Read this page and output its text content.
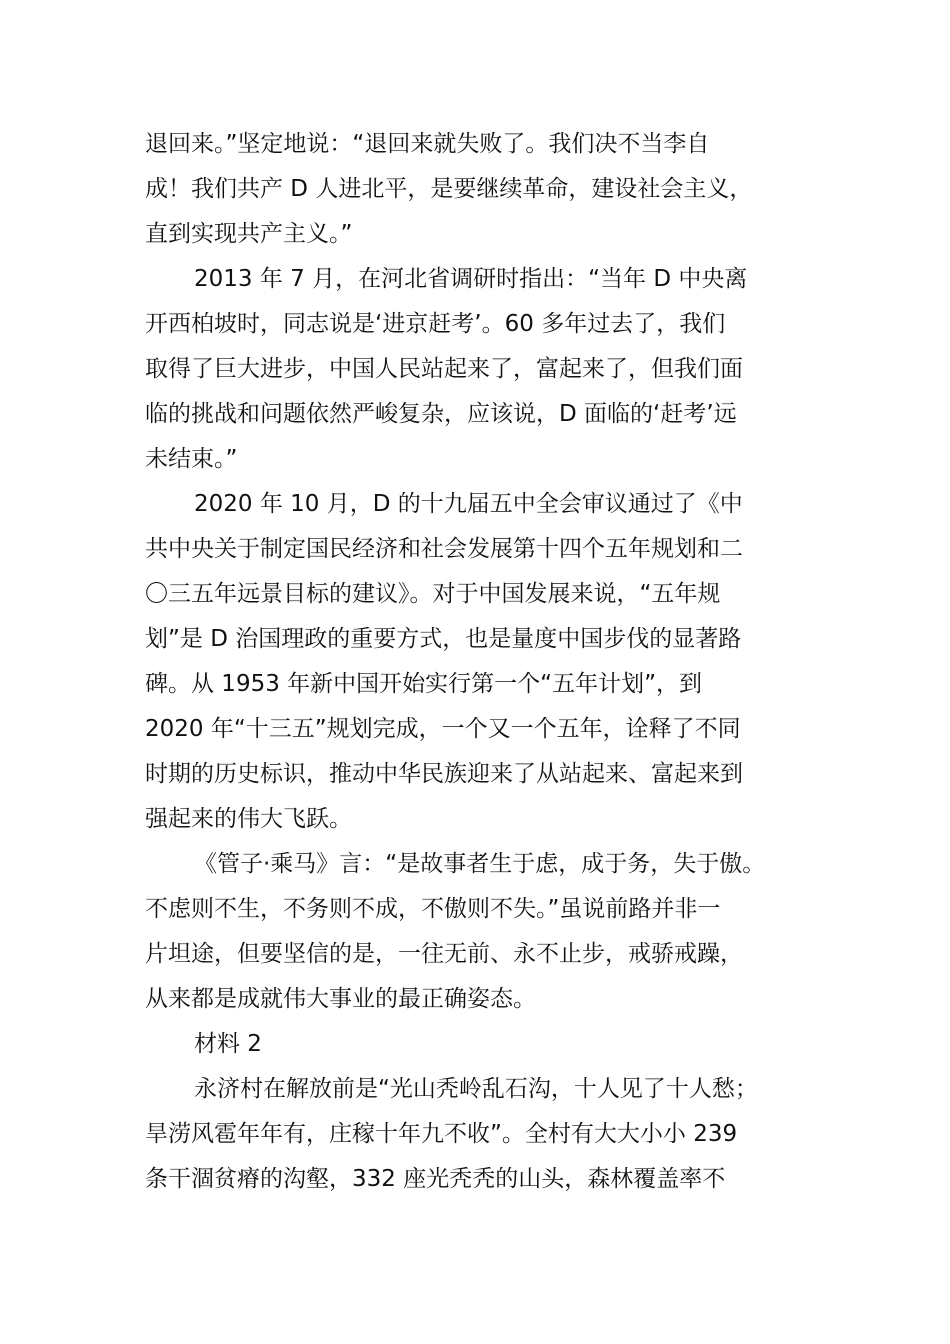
退回来。”坚定地说：“退回来就失败了。我们决不当李自
成！我们共产 D 人进北平，是要继续革命，建设社会主义，
直到实现共产主义。”
2013 年 7 月，在河北省调研时指出：“当年 D 中央离
开西柏坡时，同志说是‘进京赶考’。60 多年过去了，我们
取得了巨大进步，中国人民站起来了，富起来了，但我们面
临的挑战和问题依然严峻复杂，应该说，D 面临的‘赶考’远
未结束。”
2020 年 10 月，D 的十九届五中全会审议通过了《中
共中央关于制定国民经济和社会发展第十四个五年规划和二
〇三五年远景目标的建议》。对于中国发展来说，“五年规
划”是 D 治国理政的重要方式，也是量度中国步伐的显著路
碑。从 1953 年新中国开始实行第一个“五年计划”，到
2020 年“十三五”规划完成，一个又一个五年，诠释了不同
时期的历史标识，推动中华民族迎来了从站起来、富起来到
强起来的伟大飞跃。
《管子·乘马》言：“是故事者生于虑，成于务，失于傲。
不虑则不生，不务则不成，不傲则不失。”虽说前路并非一
片坦途，但要坚信的是，一往无前、永不止步，戒骄戒躁，
从来都是成就伟大事业的最正确姿态。
材料 2
永济村在解放前是“光山秃岭乱石沟，十人见了十人愁；
旱涝风雹年年有，庄稼十年九不收”。全村有大大小小 239
条干涸贫瘠的沟壑，332 座光秃秃的山头，森林覆盖率不
